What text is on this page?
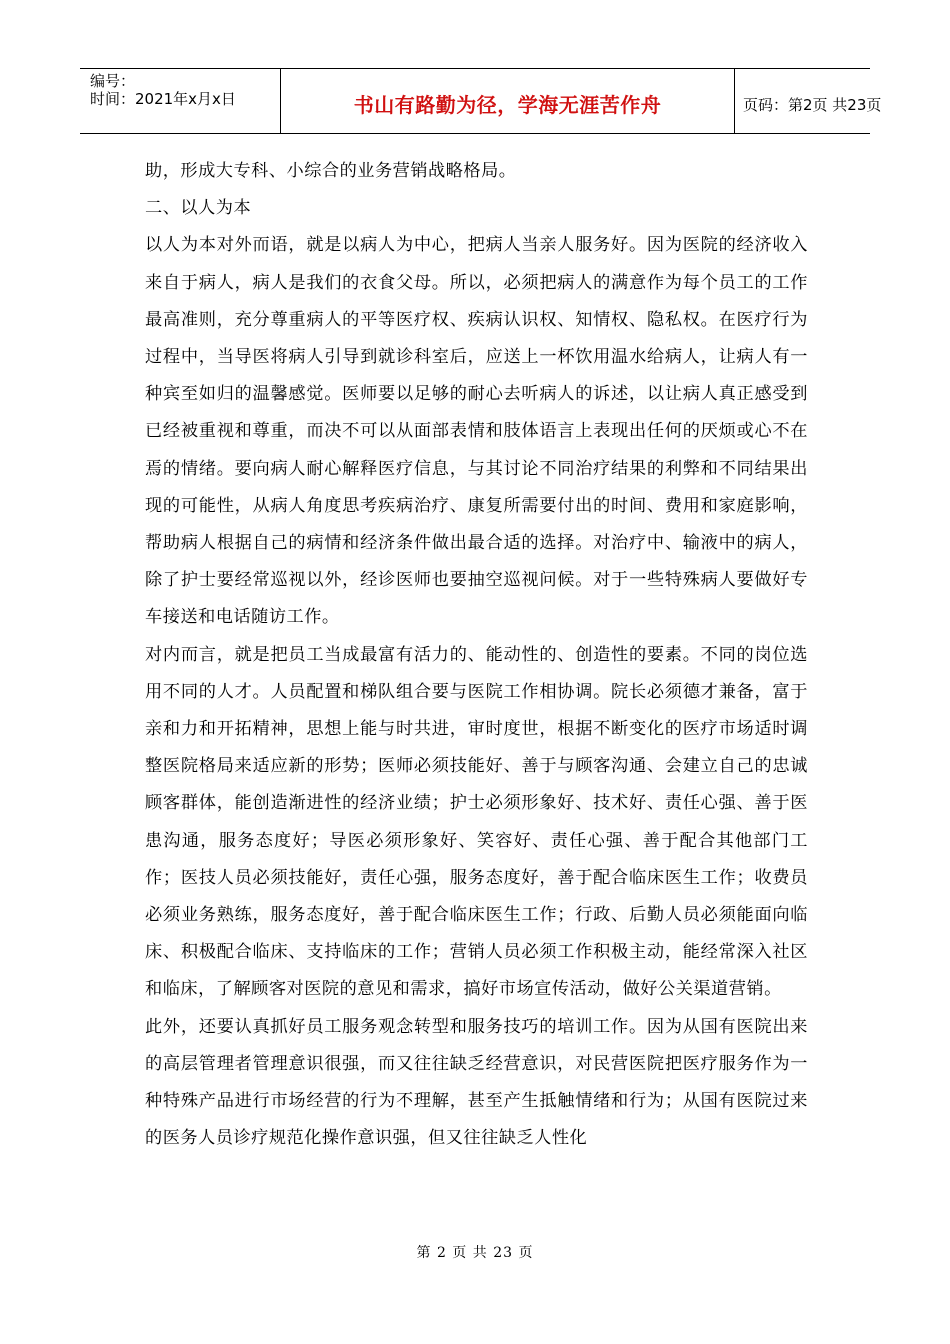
编号：
时间：2021年x月x日	书山有路勤为径，学海无涯苦作舟	页码：第2页 共23页

助，形成大专科、小综合的业务营销战略格局。

二、以人为本

以人为本对外而语，就是以病人为中心，把病人当亲人服务好。因为医院的经济收入来自于病人，病人是我们的衣食父母。所以，必须把病人的满意作为每个员工的工作最高准则，充分尊重病人的平等医疗权、疾病认识权、知情权、隐私权。在医疗行为过程中，当导医将病人引导到就诊科室后，应送上一杯饮用温水给病人，让病人有一种宾至如归的温馨感觉。医师要以足够的耐心去听病人的诉述，以让病人真正感受到已经被重视和尊重，而决不可以从面部表情和肢体语言上表现出任何的厌烦或心不在焉的情绪。要向病人耐心解释医疗信息，与其讨论不同治疗结果的利弊和不同结果出现的可能性，从病人角度思考疾病治疗、康复所需要付出的时间、费用和家庭影响，帮助病人根据自己的病情和经济条件做出最合适的选择。对治疗中、输液中的病人，除了护士要经常巡视以外，经诊医师也要抽空巡视问候。对于一些特殊病人要做好专车接送和电话随访工作。

对内而言，就是把员工当成最富有活力的、能动性的、创造性的要素。不同的岗位选用不同的人才。人员配置和梯队组合要与医院工作相协调。院长必须德才兼备，富于亲和力和开拓精神，思想上能与时共进，审时度世，根据不断变化的医疗市场适时调整医院格局来适应新的形势；医师必须技能好、善于与顾客沟通、会建立自己的忠诚顾客群体，能创造渐进性的经济业绩；护士必须形象好、技术好、责任心强、善于医患沟通，服务态度好；导医必须形象好、笑容好、责任心强、善于配合其他部门工作；医技人员必须技能好，责任心强，服务态度好，善于配合临床医生工作；收费员必须业务熟练，服务态度好，善于配合临床医生工作；行政、后勤人员必须能面向临床、积极配合临床、支持临床的工作；营销人员必须工作积极主动，能经常深入社区和临床，了解顾客对医院的意见和需求，搞好市场宣传活动，做好公关渠道营销。

此外，还要认真抓好员工服务观念转型和服务技巧的培训工作。因为从国有医院出来的高层管理者管理意识很强，而又往往缺乏经营意识，对民营医院把医疗服务作为一种特殊产品进行市场经营的行为不理解，甚至产生抵触情绪和行为；从国有医院过来的医务人员诊疗规范化操作意识强，但又往往缺乏人性化

第 2 页 共 23 页
